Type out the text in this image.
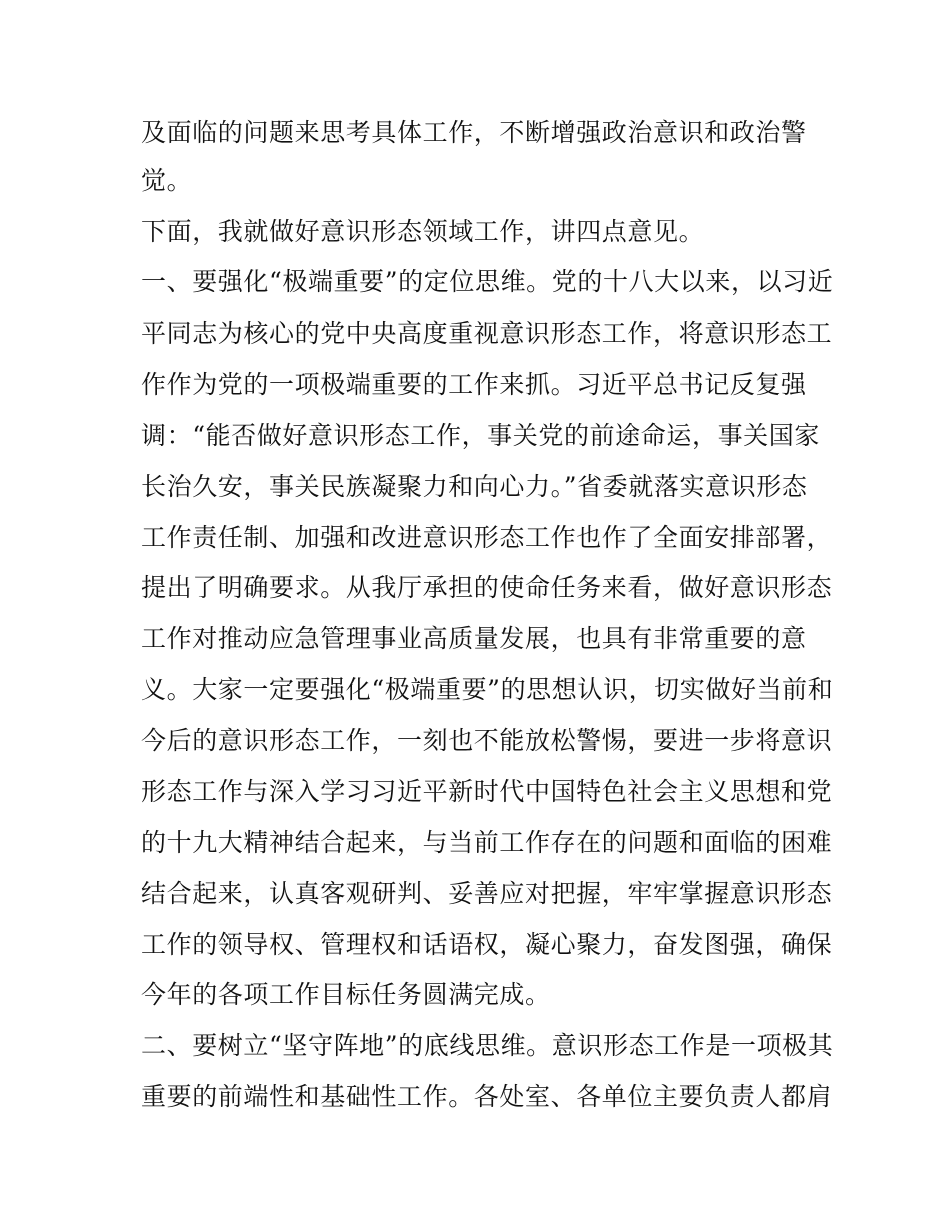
及面临的问题来思考具体工作，不断增强政治意识和政治警
觉。
下面，我就做好意识形态领域工作，讲四点意见。
一、要强化“极端重要”的定位思维。党的十八大以来，以习近
平同志为核心的党中央高度重视意识形态工作，将意识形态工
作作为党的一项极端重要的工作来抓。习近平总书记反复强
调：“能否做好意识形态工作，事关党的前途命运，事关国家
长治久安，事关民族凝聚力和向心力。”省委就落实意识形态
工作责任制、加强和改进意识形态工作也作了全面安排部署，
提出了明确要求。从我厅承担的使命任务来看，做好意识形态
工作对推动应急管理事业高质量发展，也具有非常重要的意
义。大家一定要强化“极端重要”的思想认识，切实做好当前和
今后的意识形态工作，一刻也不能放松警惕，要进一步将意识
形态工作与深入学习习近平新时代中国特色社会主义思想和党
的十九大精神结合起来，与当前工作存在的问题和面临的困难
结合起来，认真客观研判、妥善应对把握，牢牢掌握意识形态
工作的领导权、管理权和话语权，凝心聚力，奋发图强，确保
今年的各项工作目标任务圆满完成。
二、要树立“坚守阵地”的底线思维。意识形态工作是一项极其
重要的前端性和基础性工作。各处室、各单位主要负责人都肩
